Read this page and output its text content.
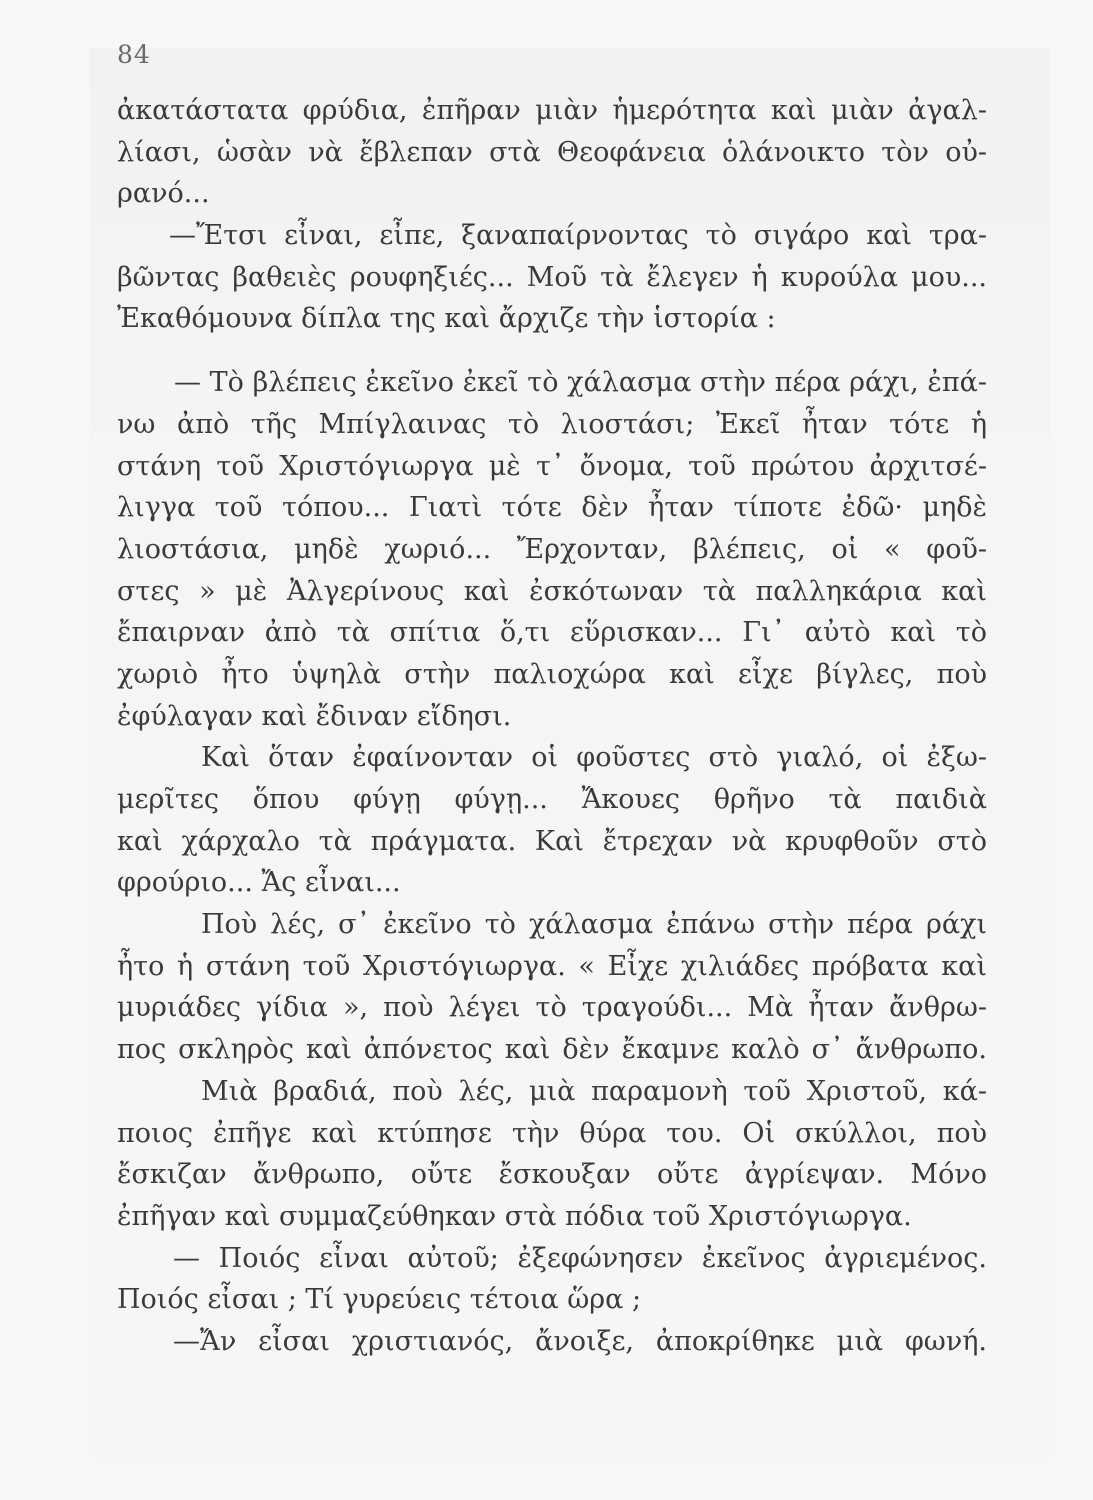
84
ἀκατάστατα φρύδια, ἐπῆραν μιὰν ἡμερότητα καὶ μιὰν ἀγαλ-
λίασι, ὡσὰν νὰ ἔβλεπαν στὰ Θεοφάνεια ὁλάνοικτο τὸν οὐ-
ρανό...
—Ἔτσι εἶναι, εἶπε, ξαναπαίρνοντας τὸ σιγάρο καὶ τρα-
βῶντας βαθειὲς ρουφηξιές... Μοῦ τὰ ἔλεγεν ἡ κυρούλα μου...
Ἐκαθόμουνα δίπλα της καὶ ἄρχιζε τὴν ἱστορία :
— Τὸ βλέπεις ἐκεῖνο ἐκεῖ τὸ χάλασμα στὴν πέρα ράχι, ἐπά-
νω ἀπὸ τῆς Μπίγλαινας τὸ λιοστάσι; Ἐκεῖ ἦταν τότε ἡ
στάνη τοῦ Χριστόγιωργα μὲ τ᾿ ὄνομα, τοῦ πρώτου ἀρχιτσέ-
λιγγα τοῦ τόπου... Γιατὶ τότε δὲν ἦταν τίποτε ἐδῶ· μηδὲ
λιοστάσια, μηδὲ χωριό... Ἔρχονταν, βλέπεις, οἱ « φοῦ-
στες » μὲ Ἀλγερίνους καὶ ἐσκότωναν τὰ παλληκάρια καὶ
ἔπαιρναν ἀπὸ τὰ σπίτια ὅ,τι εὕρισκαν... Γι᾿ αὐτὸ καὶ τὸ
χωριὸ ἦτο ὑψηλὰ στὴν παλιοχώρα καὶ εἶχε βίγλες, ποὺ
ἐφύλαγαν καὶ ἔδιναν εἴδησι.
Καὶ ὅταν ἐφαίνονταν οἱ φοῦστες στὸ γιαλό, οἱ ἐξω-
μερῖτες ὅπου φύγῃ φύγῃ... Ἄκουες θρῆνο τὰ παιδιὰ
καὶ χάρχαλο τὰ πράγματα. Καὶ ἔτρεχαν νὰ κρυφθοῦν στὸ
φρούριο... Ἄς εἶναι...
Ποὺ λές, σ᾿ ἐκεῖνο τὸ χάλασμα ἐπάνω στὴν πέρα ράχι
ἦτο ἡ στάνη τοῦ Χριστόγιωργα. « Εἶχε χιλιάδες πρόβατα καὶ
μυριάδες γίδια », ποὺ λέγει τὸ τραγούδι... Μὰ ἦταν ἄνθρω-
πος σκληρὸς καὶ ἀπόνετος καὶ δὲν ἔκαμνε καλὸ σ᾿ ἄνθρωπο.
Μιὰ βραδιά, ποὺ λές, μιὰ παραμονὴ τοῦ Χριστοῦ, κά-
ποιος ἐπῆγε καὶ κτύπησε τὴν θύρα του. Οἱ σκύλλοι, ποὺ
ἔσκιζαν ἄνθρωπο, οὔτε ἔσκουξαν οὔτε ἀγρίεψαν. Μόνο
ἐπῆγαν καὶ συμμαζεύθηκαν στὰ πόδια τοῦ Χριστόγιωργα.
— Ποιός εἶναι αὐτοῦ; ἐξεφώνησεν ἐκεῖνος ἀγριεμένος.
Ποιός εἶσαι ; Τί γυρεύεις τέτοια ὥρα ;
—Ἄν εἶσαι χριστιανός, ἄνοιξε, ἀποκρίθηκε μιὰ φωνή.
